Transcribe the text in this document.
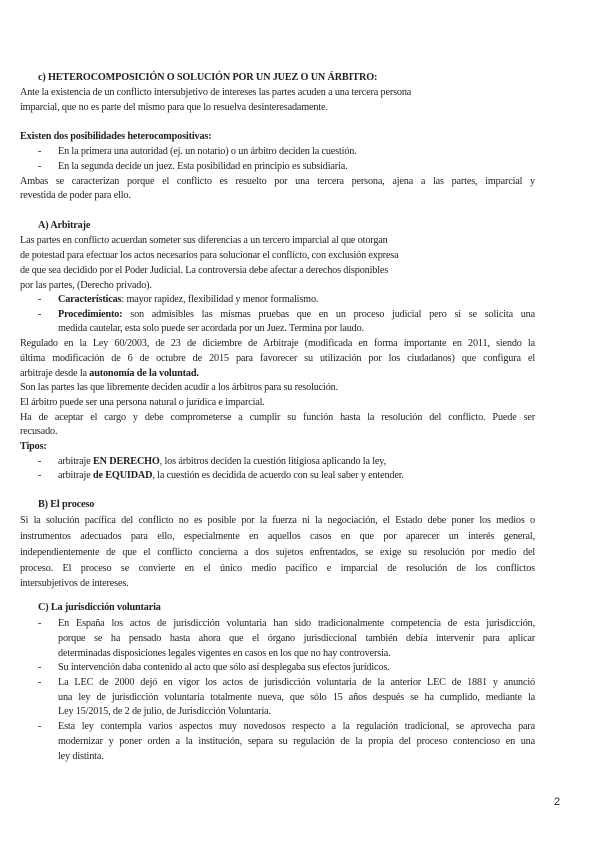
c) HETEROCOMPOSICIÓN O SOLUCIÓN POR UN JUEZ O UN ÁRBITRO:
Ante la existencia de un conflicto intersubjetivo de intereses las partes acuden a una tercera persona
imparcial, que no es parte del mismo para que lo resuelva desinteresadamente.
Existen dos posibilidades heterocompositivas:
- En la primera una autoridad (ej. un notario) o un árbitro deciden la cuestión.
- En la segunda decide un juez. Esta posibilidad en principio es subsidiaria.
Ambas se caracterizan porque el conflicto es resuelto por una tercera persona, ajena a las partes, imparcial y
revestida de poder para ello.
A) Arbitraje
Las partes en conflicto acuerdan someter sus diferencias a un tercero imparcial al que otorgan
de potestad para efectuar los actos necesarios para solucionar el conflicto, con exclusión expresa
de que sea decidido por el Poder Judicial. La controversia debe afectar a derechos disponibles
por las partes, (Derecho privado).
- Características: mayor rapidez, flexibilidad y menor formalismo.
- Procedimiento: son admisibles las mismas pruebas que en un proceso judicial pero si se solicita una
medida cautelar, esta solo puede ser acordada por un Juez. Termina por laudo.
Regulado en la Ley 60/2003, de 23 de diciembre de Arbitraje (modificada en forma importante en 2011, siendo la
última modificación de 6 de octubre de 2015 para favorecer su utilización por los ciudadanos) que configura el
arbitraje desde la autonomía de la voluntad.
Son las partes las que libremente deciden acudir a los árbitros para su resolución.
El árbitro puede ser una persona natural o jurídica e imparcial.
Ha de aceptar el cargo y debe comprometerse a cumplir su función hasta la resolución del conflicto. Puede ser
recusado.
Tipos:
- arbitraje EN DERECHO, los árbitros deciden la cuestión litigiosa aplicando la ley,
- arbitraje de EQUIDAD, la cuestión es decidida de acuerdo con su leal saber y entender.
B) El proceso
Si la solución pacífica del conflicto no es posible por la fuerza ni la negociación, el Estado debe poner los medios o
instrumentos adecuados para ello, especialmente en aquellos casos en que por aparecer un interés general,
independientemente de que el conflicto concierna a dos sujetos enfrentados, se exige su resolución por medio del
proceso. El proceso se convierte en el único medio pacífico e imparcial de resolución de los conflictos
intersubjetivos de intereses.
C) La jurisdicción voluntaria
- En España los actos de jurisdicción voluntaria han sido tradicionalmente competencia de esta jurisdicción,
porque se ha pensado hasta ahora que el órgano jurisdiccional también debía intervenir para aplicar
determinadas disposiciones legales vigentes en casos en los que no hay controversia.
- Su intervención daba contenido al acto que sólo así desplegaba sus efectos jurídicos.
- La LEC de 2000 dejó en vigor los actos de jurisdicción voluntaria de la anterior LEC de 1881 y anunció
una ley de jurisdicción voluntaria totalmente nueva, que sólo 15 años después se ha cumplido, mediante la
Ley 15/2015, de 2 de julio, de Jurisdicción Voluntaria.
- Esta ley contempla varios aspectos muy novedosos respecto a la regulación tradicional, se aprovecha para
modernizar y poner orden a la institución, separa su regulación de la propia del proceso contencioso en una
ley distinta.
2
